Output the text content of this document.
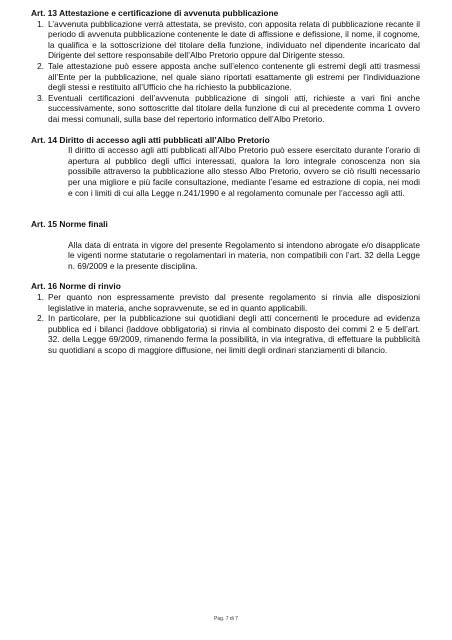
Art. 13 Attestazione e certificazione di avvenuta pubblicazione

1. L’avvenuta pubblicazione verrà attestata, se previsto, con apposita relata di pubblicazione recante il periodo di avvenuta pubblicazione contenente le date di affissione e defissione, il nome, il cognome, la qualifica e la sottoscrizione del titolare della funzione, individuato nel dipendente incaricato dal Dirigente del settore responsabile dell’Albo Pretorio oppure dal Dirigente stesso.
2. Tale attestazione può essere apposta anche sull’elenco contenente gli estremi degli atti trasmessi all’Ente per la pubblicazione, nel quale siano riportati esattamente gli estremi per l’individuazione degli stessi e restituito all’Ufficio che ha richiesto la pubblicazione.
3. Eventuali certificazioni dell’avvenuta pubblicazione di singoli atti, richieste a vari fini anche successivamente, sono sottoscritte dal titolare della funzione di cui al precedente comma 1 ovvero dai messi comunali, sulla base del repertorio informatico dell’Albo Pretorio.

Art. 14 Diritto di accesso agli atti pubblicati all’Albo Pretorio

Il diritto di accesso agli atti pubblicati all’Albo Pretorio può essere esercitato durante l’orario di apertura al pubblico degli uffici interessati, qualora la loro integrale conoscenza non sia possibile attraverso la pubblicazione allo stesso Albo Pretorio, ovvero se ciò risulti necessario per una migliore e più facile consultazione, mediante l’esame ed estrazione di copia, nei modi e con i limiti di cui alla Legge n.241/1990 e al regolamento comunale per l’accesso agli atti.

Art. 15 Norme finali

Alla data di entrata in vigore del presente Regolamento si intendono abrogate e/o disapplicate le vigenti norme statutarie o regolamentari in materia, non compatibili con l’art. 32 della Legge n. 69/2009 e la presente disciplina.

Art. 16 Norme di rinvio

1. Per quanto non espressamente previsto dal presente regolamento si rinvia alle disposizioni legislative in materia, anche sopravvenute, se ed in quanto applicabili.
2. In particolare, per la pubblicazione sui quotidiani degli atti concernenti le procedure ad evidenza pubblica ed i bilanci (laddove obbligatoria) si rinvia al combinato disposto dei commi 2 e 5 dell’art. 32. della Legge 69/2009, rimanendo ferma la possibilità, in via integrativa, di effettuare la pubblicità su quotidiani a scopo di maggiore diffusione, nei limiti degli ordinari stanziamenti di bilancio.
Pag. 7 di 7
